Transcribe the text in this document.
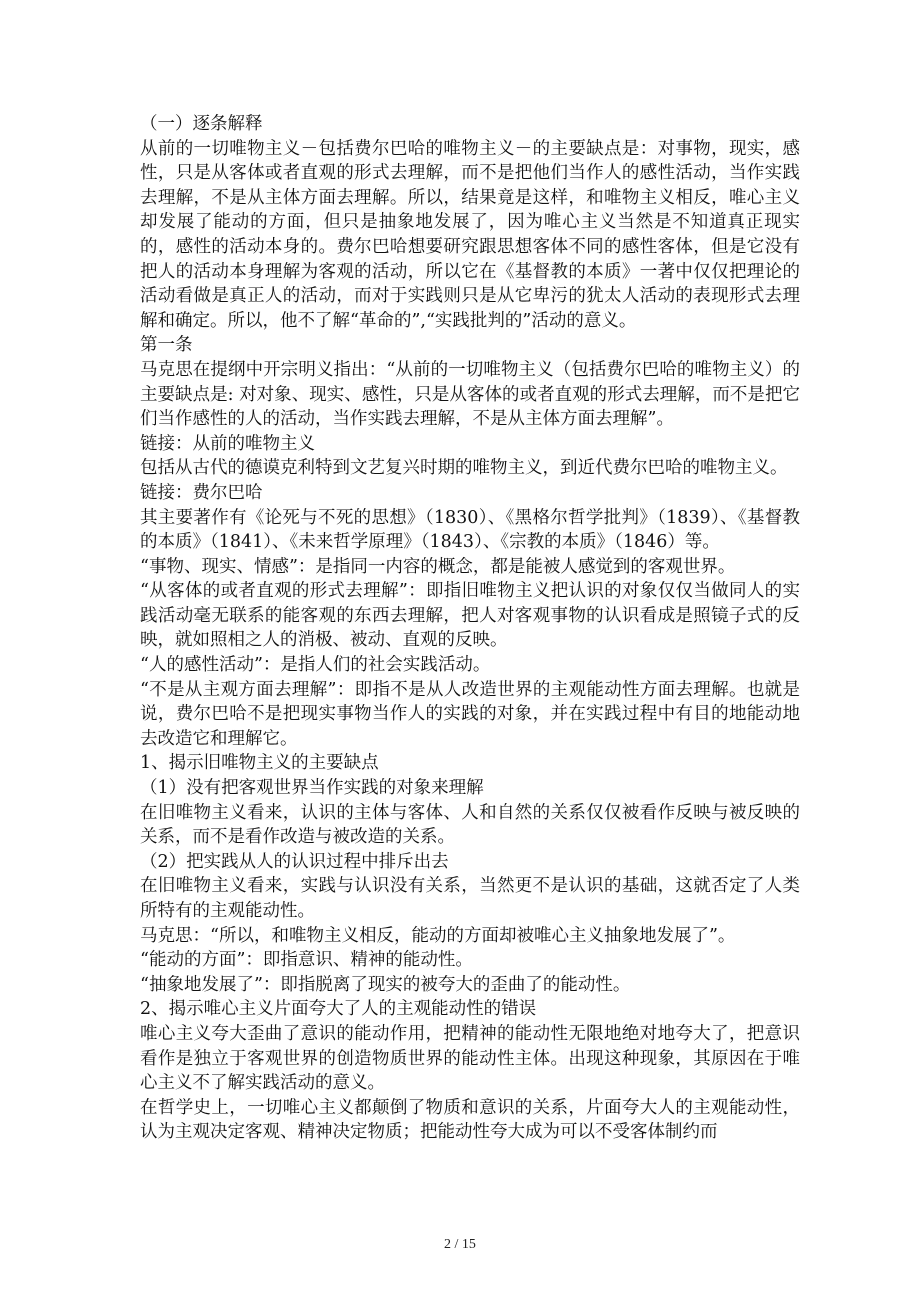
（一）逐条解释

从前的一切唯物主义－包括费尔巴哈的唯物主义－的主要缺点是：对事物，现实，感性，只是从客体或者直观的形式去理解，而不是把他们当作人的感性活动，当作实践去理解，不是从主体方面去理解。所以，结果竟是这样，和唯物主义相反，唯心主义却发展了能动的方面，但只是抽象地发展了，因为唯心主义当然是不知道真正现实的，感性的活动本身的。费尔巴哈想要研究跟思想客体不同的感性客体，但是它没有把人的活动本身理解为客观的活动，所以它在《基督教的本质》一著中仅仅把理论的活动看做是真正人的活动，而对于实践则只是从它卑污的犹太人活动的表现形式去理解和确定。所以，他不了解“革命的”,“实践批判的”活动的意义。

第一条

马克思在提纲中开宗明义指出：“从前的一切唯物主义（包括费尔巴哈的唯物主义）的主要缺点是: 对对象、现实、感性，只是从客体的或者直观的形式去理解，而不是把它们当作感性的人的活动，当作实践去理解，不是从主体方面去理解”。

链接：从前的唯物主义

包括从古代的德谟克利特到文艺复兴时期的唯物主义，到近代费尔巴哈的唯物主义。

链接：费尔巴哈

其主要著作有《论死与不死的思想》（1830）、《黑格尔哲学批判》（1839）、《基督教的本质》（1841）、《未来哲学原理》（1843）、《宗教的本质》（1846）等。

“事物、现实、情感”：是指同一内容的概念，都是能被人感觉到的客观世界。

“从客体的或者直观的形式去理解”：即指旧唯物主义把认识的对象仅仅当做同人的实践活动毫无联系的能客观的东西去理解，把人对客观事物的认识看成是照镜子式的反映，就如照相之人的消极、被动、直观的反映。

“人的感性活动”：是指人们的社会实践活动。

“不是从主观方面去理解”：即指不是从人改造世界的主观能动性方面去理解。也就是说，费尔巴哈不是把现实事物当作人的实践的对象，并在实践过程中有目的地能动地去改造它和理解它。

1、揭示旧唯物主义的主要缺点

（1）没有把客观世界当作实践的对象来理解

在旧唯物主义看来，认识的主体与客体、人和自然的关系仅仅被看作反映与被反映的关系，而不是看作改造与被改造的关系。

（2）把实践从人的认识过程中排斥出去

在旧唯物主义看来，实践与认识没有关系，当然更不是认识的基础，这就否定了人类所特有的主观能动性。

马克思：“所以，和唯物主义相反，能动的方面却被唯心主义抽象地发展了”。

“能动的方面”：即指意识、精神的能动性。

“抽象地发展了”：即指脱离了现实的被夸大的歪曲了的能动性。

2、揭示唯心主义片面夸大了人的主观能动性的错误

唯心主义夸大歪曲了意识的能动作用，把精神的能动性无限地绝对地夸大了，把意识看作是独立于客观世界的创造物质世界的能动性主体。出现这种现象，其原因在于唯心主义不了解实践活动的意义。

在哲学史上，一切唯心主义都颠倒了物质和意识的关系，片面夸大人的主观能动性，认为主观决定客观、精神决定物质；把能动性夸大成为可以不受客体制约而

2 / 15
